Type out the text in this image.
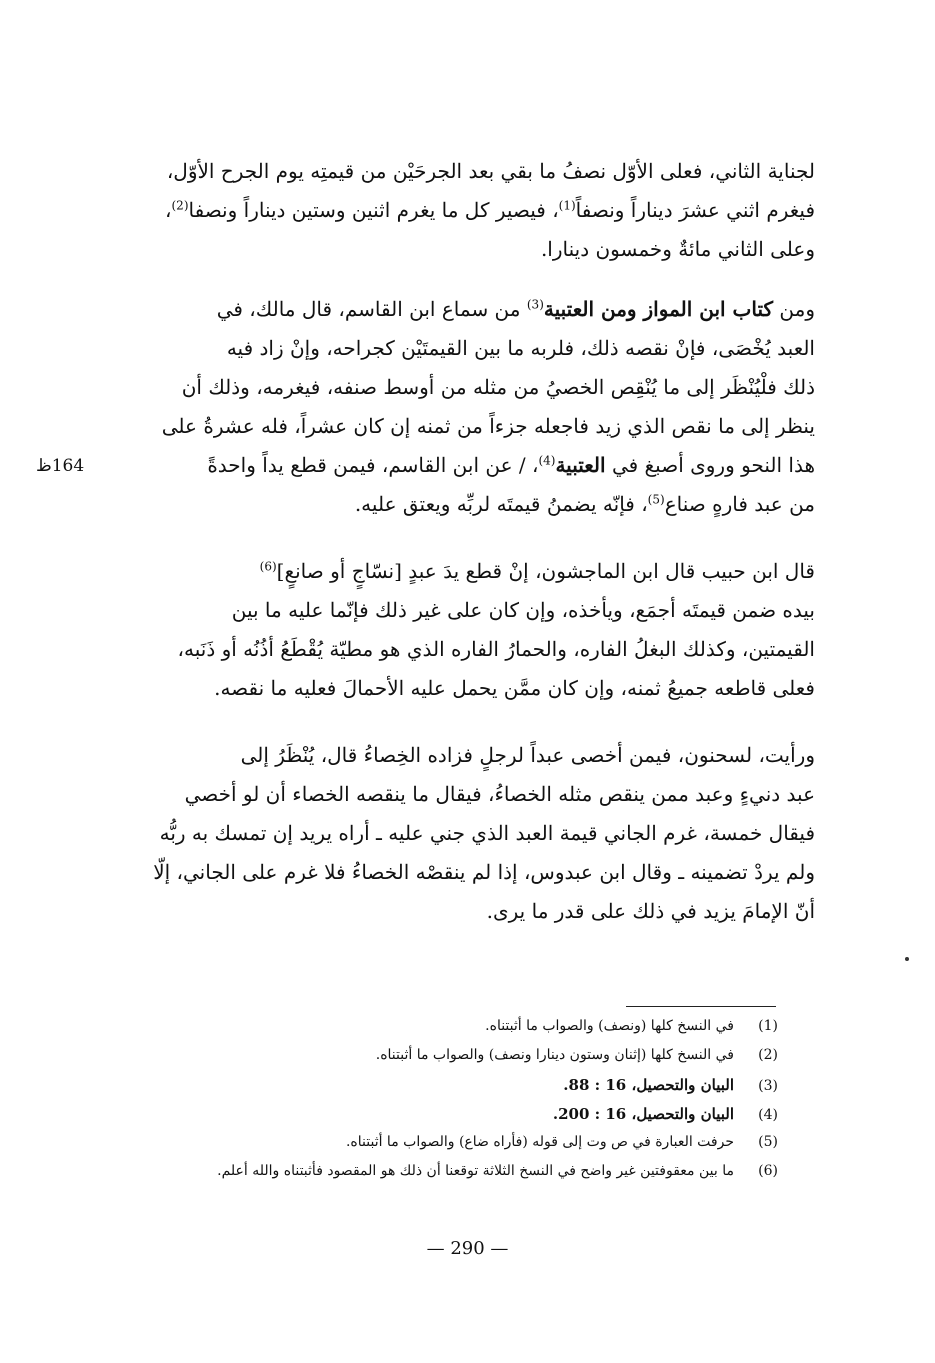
لجناية الثاني، فعلى الأوّل نصفُ ما بقي بعد الجرحَيْن من قيمتِه يوم الجرح الأوّل،
فيغرم اثني عشرَ ديناراً ونصفاً$^{(1)}$، فيصير كل ما يغرم اثنين وستين ديناراً ونصفا$^{(2)}$،
وعلى الثاني مائةٌ وخمسون دينارا.
ومن كتاب ابن المواز ومن العتبية$^{(3)}$ من سماع ابن القاسم، قال مالك، في
العبد يُخْصَى، فإنْ نقصه ذلك، فلربه ما بين القيمتَيْن كجراحه، وإنْ زاد فيه
ذلك فلْيُنْظَر إلى ما يُنْقِص الخصيُ من مثله من أوسط صنفه، فيغرمه، وذلك أن
ينظر إلى ما نقص الذي زيد فاجعله جزءاً من ثمنه إن كان عشراً، فله عشرةُ على
هذا النحو وروى أصبغ في العتبية$^{(4)}$، / عن ابن القاسم، فيمن قطع يداً واحدةً
من عبد فارهٍ صناع$^{(5)}$، فإنّه يضمنُ قيمتَه لربِّه ويعتق عليه.
164ظ
قال ابن حبيب قال ابن الماجشون، إنْ قطع يدَ عبدٍ [نسّاجٍ أو صانعٍ]$^{(6)}$
بيده ضمن قيمتَه أجمَع، ويأخذه، وإن كان على غير ذلك فإنّما عليه ما بين
القيمتين، وكذلك البغلُ الفاره، والحمارُ الفاره الذي هو مطيّة يُقْطَعُ أذُنُه أو ذَنَبه،
فعلى قاطعه جميعُ ثمنه، وإن كان ممَّن يحمل عليه الأحمالَ فعليه ما نقصه.
ورأيت، لسحنون، فيمن أخصى عبداً لرجلٍ فزاده الخِصاءُ قال، يُنْظَرُ إلى
عبد دنيءٍ وعبد ممن ينقص مثله الخصاءُ، فيقال ما ينقصه الخصاء أن لو أخصي
فيقال خمسة، غرم الجاني قيمة العبد الذي جني عليه ـ أراه يريد إن تمسك به ربُّه
ولم يردْ تضمينه ـ وقال ابن عبدوس، إذا لم ينقصْه الخصاءُ فلا غرم على الجاني، إلّا
أنّ الإمامَ يزيد في ذلك على قدر ما يرى.
(1)
في النسخ كلها (ونصف) والصواب ما أثبتناه.
(2)
في النسخ كلها (إثنان وستون دينارا ونصف) والصواب ما أثبتناه.
(3)
البيان والتحصيل، 16 : 88.
(4)
البيان والتحصيل، 16 : 200.
(5)
حرفت العبارة في ص وت إلى قوله (فأراه ضاع) والصواب ما أثبتناه.
(6)
ما بين معقوفتين غير واضح في النسخ الثلاثة توقعنا أن ذلك هو المقصود فأثبتناه والله أعلم.
— 290 —
